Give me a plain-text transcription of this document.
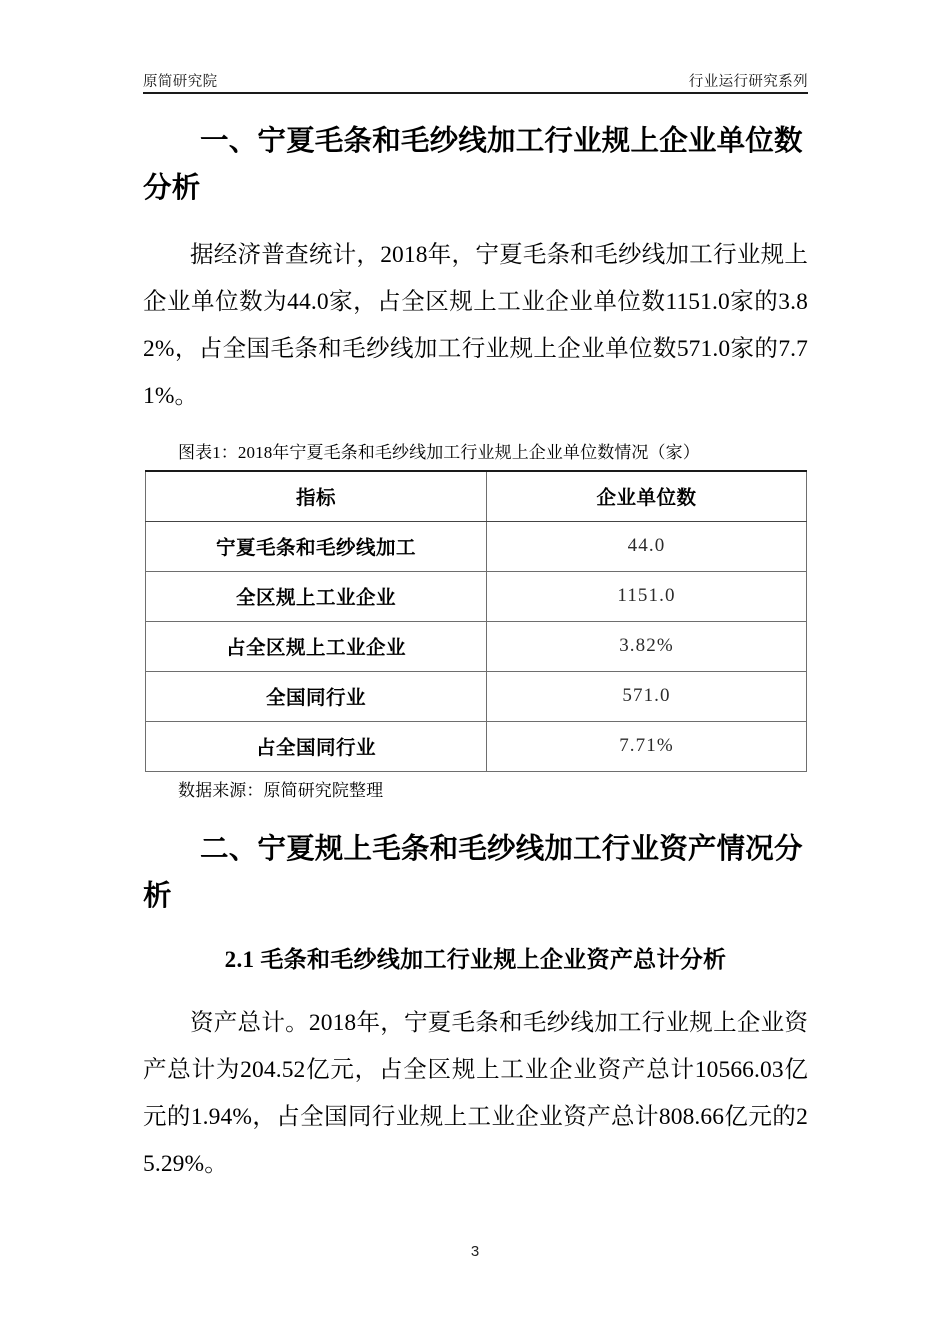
原简研究院	行业运行研究系列
一、宁夏毛条和毛纱线加工行业规上企业单位数分析

据经济普查统计，2018年，宁夏毛条和毛纱线加工行业规上企业单位数为44.0家，占全区规上工业企业单位数1151.0家的3.82%，占全国毛条和毛纱线加工行业规上企业单位数571.0家的7.71%。

图表1：2018年宁夏毛条和毛纱线加工行业规上企业单位数情况（家）

指标	企业单位数
宁夏毛条和毛纱线加工	44.0
全区规上工业企业	1151.0
占全区规上工业企业	3.82%
全国同行业	571.0
占全国同行业	7.71%

数据来源：原简研究院整理

二、宁夏规上毛条和毛纱线加工行业资产情况分析
2.1 毛条和毛纱线加工行业规上企业资产总计分析

资产总计。2018年，宁夏毛条和毛纱线加工行业规上企业资产总计为204.52亿元，占全区规上工业企业资产总计10566.03亿元的1.94%，占全国同行业规上工业企业资产总计808.66亿元的25.29%。

3
